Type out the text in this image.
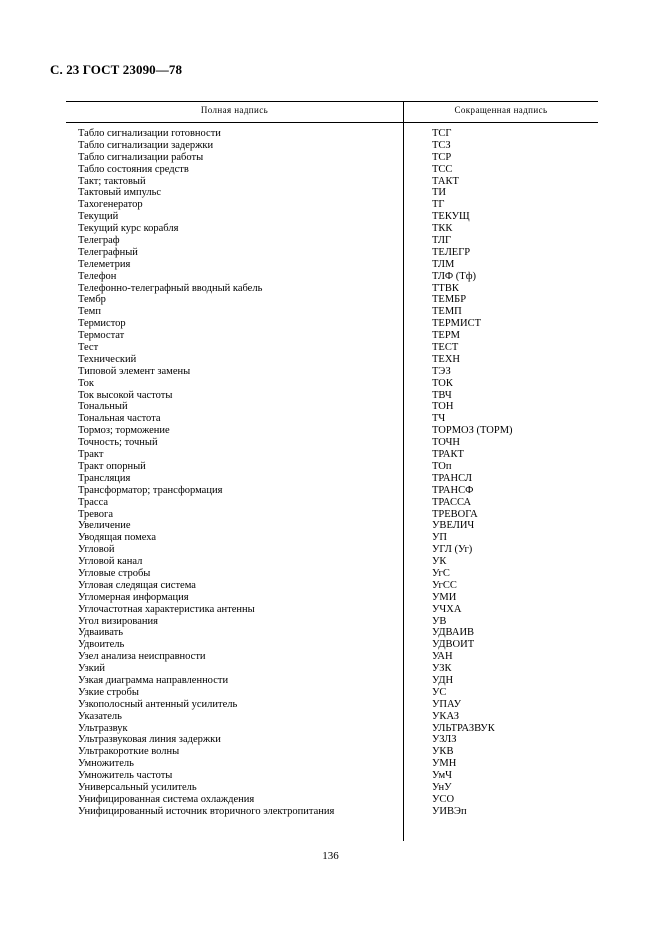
С. 23 ГОСТ 23090—78
Полная надпись	Сокращенная надпись
Табло сигнализации готовности	ТСГ
Табло сигнализации задержки	ТСЗ
Табло сигнализации работы	ТСР
Табло состояния средств	ТСС
Такт; тактовый	ТАКТ
Тактовый импульс	ТИ
Тахогенератор	ТГ
Текущий	ТЕКУЩ
Текущий курс корабля	ТКК
Телеграф	ТЛГ
Телеграфный	ТЕЛЕГР
Телеметрия	ТЛМ
Телефон	ТЛФ (Тф)
Телефонно-телеграфный вводный кабель	ТТВК
Тембр	ТЕМБР
Темп	ТЕМП
Термистор	ТЕРМИСТ
Термостат	ТЕРМ
Тест	ТЕСТ
Технический	ТЕХН
Типовой элемент замены	ТЭЗ
Ток	ТОК
Ток высокой частоты	ТВЧ
Тональный	ТОН
Тональная частота	ТЧ
Тормоз; торможение	ТОРМОЗ (ТОРМ)
Точность; точный	ТОЧН
Тракт	ТРАКТ
Тракт опорный	ТОп
Трансляция	ТРАНСЛ
Трансформатор; трансформация	ТРАНСФ
Трасса	ТРАССА
Тревога	ТРЕВОГА
Увеличение	УВЕЛИЧ
Уводящая помеха	УП
Угловой	УГЛ (Уг)
Угловой канал	УК
Угловые стробы	УгС
Угловая следящая система	УгСС
Угломерная информация	УМИ
Углочастотная характеристика антенны	УЧХА
Угол визирования	УВ
Удваивать	УДВАИВ
Удвоитель	УДВОИТ
Узел анализа неисправности	УАН
Узкий	УЗК
Узкая диаграмма направленности	УДН
Узкие стробы	УС
Узкополосный антенный усилитель	УПАУ
Указатель	УКАЗ
Ультразвук	УЛЬТРАЗВУК
Ультразвуковая линия задержки	УЗЛЗ
Ультракороткие волны	УКВ
Умножитель	УМН
Умножитель частоты	УмЧ
Универсальный усилитель	УнУ
Унифицированная система охлаждения	УСО
Унифицированный источник вторичного электропитания	УИВЭп
136
